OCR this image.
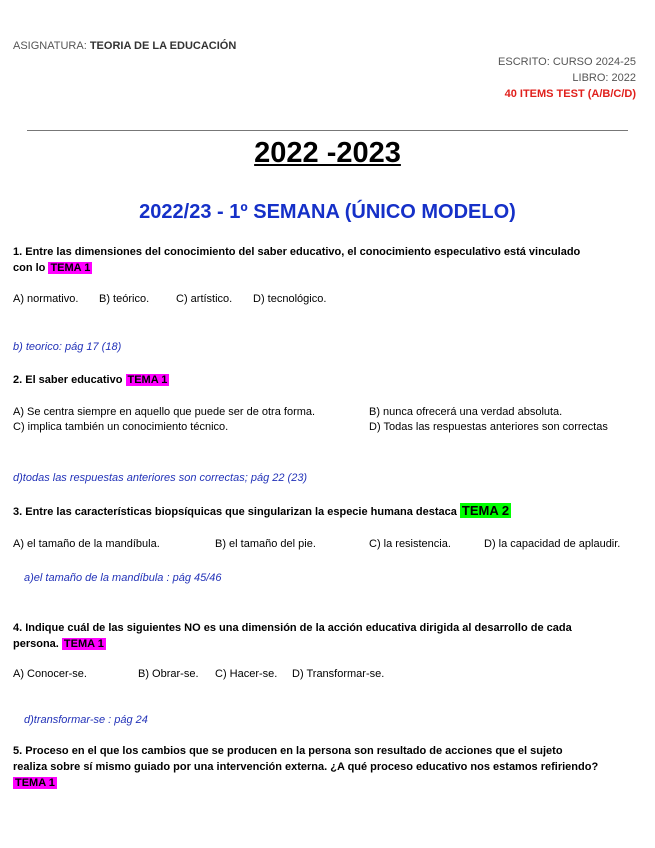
ASIGNATURA: TEORIA DE LA EDUCACIÓN
ESCRITO: CURSO 2024-25
LIBRO: 2022
40 ITEMS TEST (A/B/C/D)
2022 -2023
2022/23 - 1º SEMANA (ÚNICO MODELO)
1. Entre las dimensiones del conocimiento del saber educativo, el conocimiento especulativo está vinculado
con lo TEMA 1
A) normativo. B) teórico. C) artístico. D) tecnológico.
b) teorico: pág 17 (18)
2. El saber educativo TEMA 1
A) Se centra siempre en aquello que puede ser de otra forma.	B) nunca ofrecerá una verdad absoluta.
C) implica también un conocimiento técnico.	D) Todas las respuestas anteriores son correctas
d)todas las respuestas anteriores son correctas; pág 22 (23)
3. Entre las características biopsíquicas que singularizan la especie humana destaca TEMA 2
A) el tamaño de la mandíbula.	B) el tamaño del pie.	C) la resistencia.	D) la capacidad de aplaudir.
a)el tamaño de la mandíbula : pág 45/46
4. Indique cuál de las siguientes NO es una dimensión de la acción educativa dirigida al desarrollo de cada
persona. TEMA 1
A) Conocer-se.	B) Obrar-se. C) Hacer-se. D) Transformar-se.
d)transformar-se : pág 24
5. Proceso en el que los cambios que se producen en la persona son resultado de acciones que el sujeto
realiza sobre sí mismo guiado por una intervención externa. ¿A qué proceso educativo nos estamos refiriendo?
TEMA 1
